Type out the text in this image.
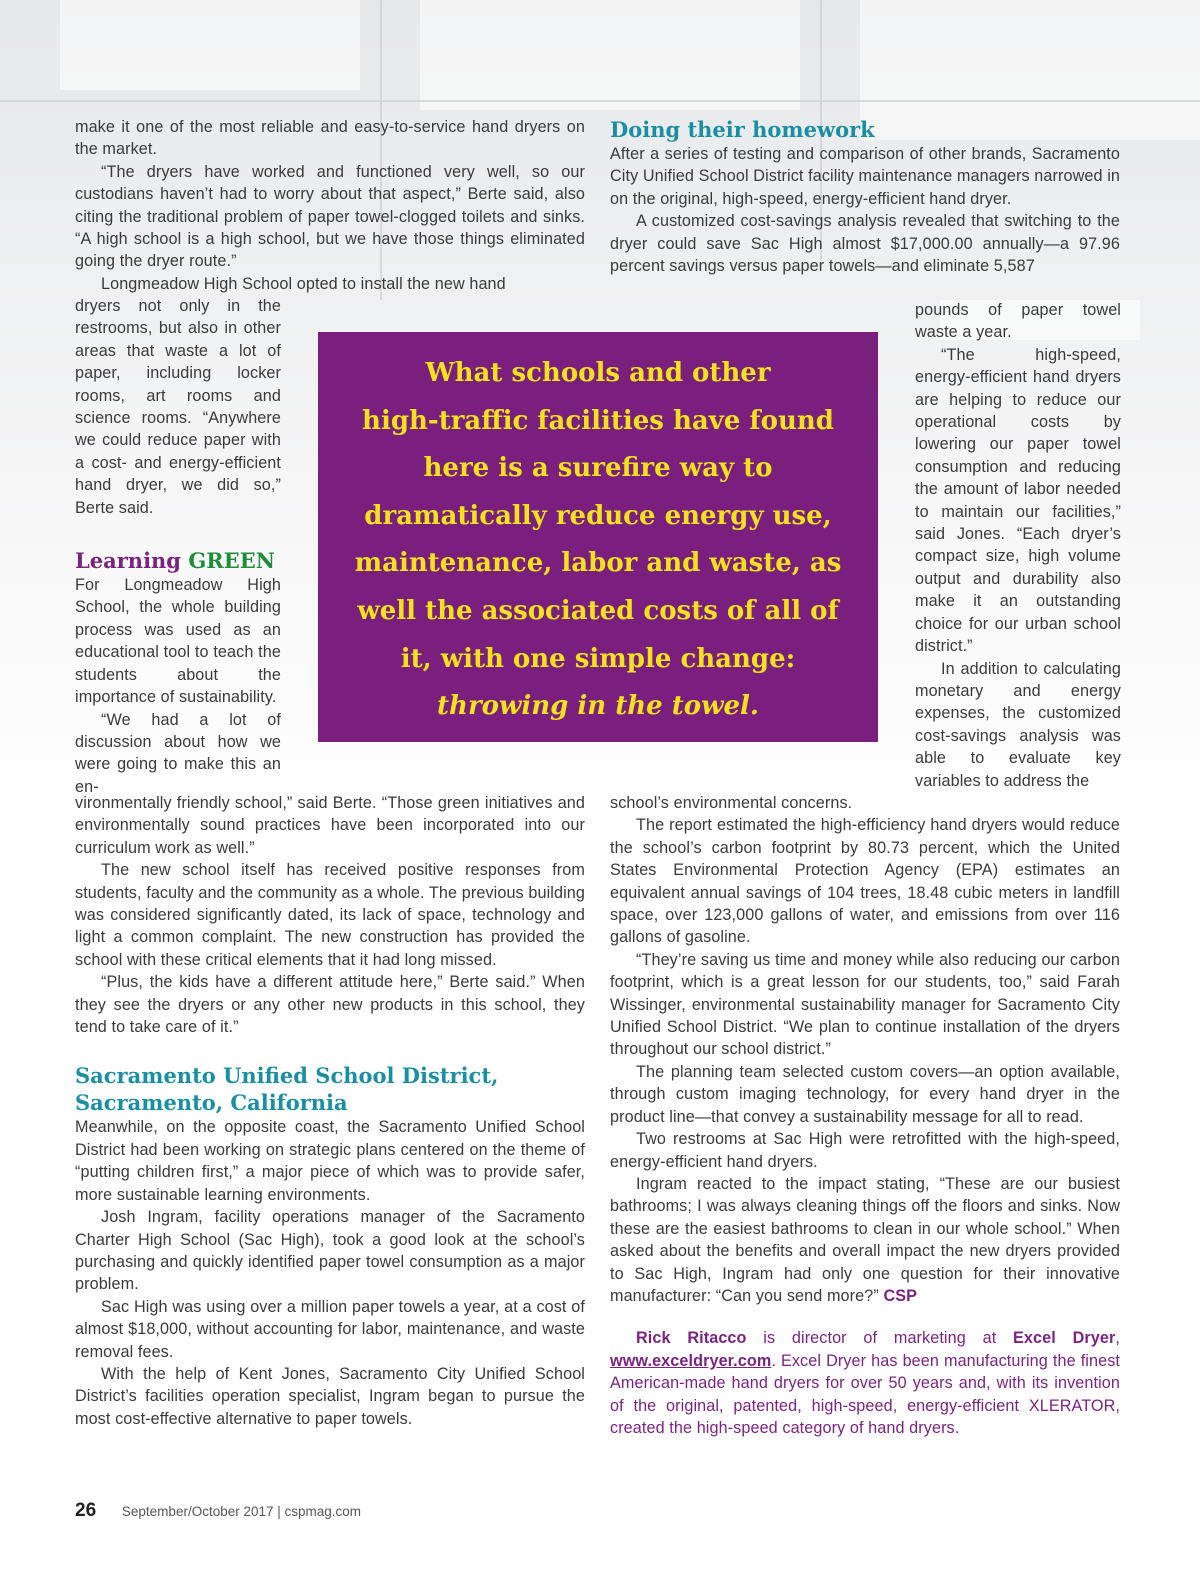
make it one of the most reliable and easy-to-service hand dryers on the market.

“The dryers have worked and functioned very well, so our custodians haven’t had to worry about that aspect,” Berte said, also citing the traditional problem of paper towel-clogged toilets and sinks. “A high school is a high school, but we have those things eliminated going the dryer route.”

Longmeadow High School opted to install the new hand

dryers not only in the restrooms, but also in other areas that waste a lot of paper, including locker rooms, art rooms and science rooms. “Anywhere we could reduce paper with a cost- and energy-efficient hand dryer, we did so,” Berte said.

Learning GREEN

For Longmeadow High School, the whole building process was used as an educational tool to teach the students about the importance of sustainability.

“We had a lot of discussion about how we were going to make this an en-

vironmentally friendly school,” said Berte. “Those green initiatives and environmentally sound practices have been incorporated into our curriculum work as well.”

The new school itself has received positive responses from students, faculty and the community as a whole. The previous building was considered significantly dated, its lack of space, technology and light a common complaint. The new construction has provided the school with these critical elements that it had long missed.

“Plus, the kids have a different attitude here,” Berte said.” When they see the dryers or any other new products in this school, they tend to take care of it.”

Sacramento Unified School District,
Sacramento, California

Meanwhile, on the opposite coast, the Sacramento Unified School District had been working on strategic plans centered on the theme of “putting children first,” a major piece of which was to provide safer, more sustainable learning environments.

Josh Ingram, facility operations manager of the Sacramento Charter High School (Sac High), took a good look at the school’s purchasing and quickly identified paper towel consumption as a major problem.

Sac High was using over a million paper towels a year, at a cost of almost $18,000, without accounting for labor, maintenance, and waste removal fees.

With the help of Kent Jones, Sacramento City Unified School District’s facilities operation specialist, Ingram began to pursue the most cost-effective alternative to paper towels.

Doing their homework

After a series of testing and comparison of other brands, Sacramento City Unified School District facility maintenance managers narrowed in on the original, high-speed, energy-efficient hand dryer.

A customized cost-savings analysis revealed that switching to the dryer could save Sac High almost $17,000.00 annually—a 97.96 percent savings versus paper towels—and eliminate 5,587

pounds of paper towel waste a year.

“The high-speed, energy-efficient hand dryers are helping to reduce our operational costs by lowering our paper towel consumption and reducing the amount of labor needed to maintain our facilities,” said Jones. “Each dryer’s compact size, high volume output and durability also make it an outstanding choice for our urban school district.”

In addition to calculating monetary and energy expenses, the customized cost-savings analysis was able to evaluate key variables to address the

school’s environmental concerns.

The report estimated the high-efficiency hand dryers would reduce the school’s carbon footprint by 80.73 percent, which the United States Environmental Protection Agency (EPA) estimates an equivalent annual savings of 104 trees, 18.48 cubic meters in landfill space, over 123,000 gallons of water, and emissions from over 116 gallons of gasoline.

“They’re saving us time and money while also reducing our carbon footprint, which is a great lesson for our students, too,” said Farah Wissinger, environmental sustainability manager for Sacramento City Unified School District. “We plan to continue installation of the dryers throughout our school district.”

The planning team selected custom covers—an option available, through custom imaging technology, for every hand dryer in the product line—that convey a sustainability message for all to read.

Two restrooms at Sac High were retrofitted with the high-speed, energy-efficient hand dryers.

Ingram reacted to the impact stating, “These are our busiest bathrooms; I was always cleaning things off the floors and sinks. Now these are the easiest bathrooms to clean in our whole school.” When asked about the benefits and overall impact the new dryers provided to Sac High, Ingram had only one question for their innovative manufacturer: “Can you send more?” CSP

Rick Ritacco is director of marketing at Excel Dryer, www.exceldryer.com. Excel Dryer has been manufacturing the finest American-made hand dryers for over 50 years and, with its invention of the original, patented, high-speed, energy-efficient XLERATOR, created the high-speed category of hand dryers.

What schools and other
high-traffic facilities have found
here is a surefire way to
dramatically reduce energy use,
maintenance, labor and waste, as
well the associated costs of all of
it, with one simple change:
throwing in the towel.
26 September/October 2017 | cspmag.com
